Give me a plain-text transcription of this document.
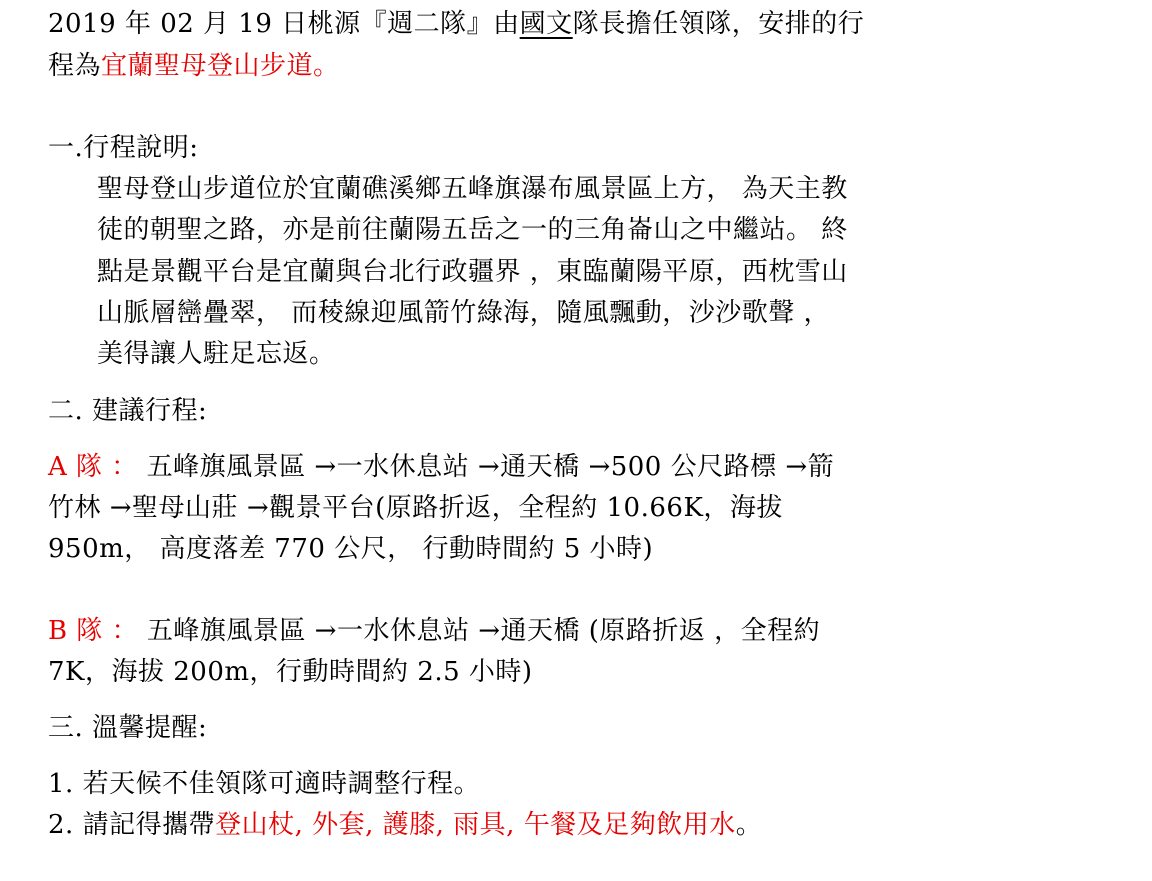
2019 年 02 月 19 日桃源『週二隊』由國文隊長擔任領隊，安排的行
程為宜蘭聖母登山步道。
一.行程說明:
聖母登山步道位於宜蘭礁溪鄉五峰旗瀑布風景區上方， 為天主教
徒的朝聖之路，亦是前往蘭陽五岳之一的三角崙山之中繼站。 終
點是景觀平台是宜蘭與台北行政疆界 ，東臨蘭陽平原，西枕雪山
山脈層巒疊翠， 而稜線迎風箭竹綠海，隨風飄動，沙沙歌聲 ，
美得讓人駐足忘返。
二. 建議行程:
A 隊 ： 五峰旗風景區 →一水休息站 →通天橋 →500 公尺路標 →箭
竹林 →聖母山莊 →觀景平台(原路折返，全程約 10.66K，海拔
950m， 高度落差 770 公尺， 行動時間約 5 小時)
B 隊 ： 五峰旗風景區 →一水休息站 →通天橋 (原路折返 ，全程約
7K，海拔 200m，行動時間約 2.5 小時)
三. 溫馨提醒:
1. 若天候不佳領隊可適時調整行程。
2. 請記得攜帶登山杖, 外套, 護膝, 雨具, 午餐及足夠飲用水。
